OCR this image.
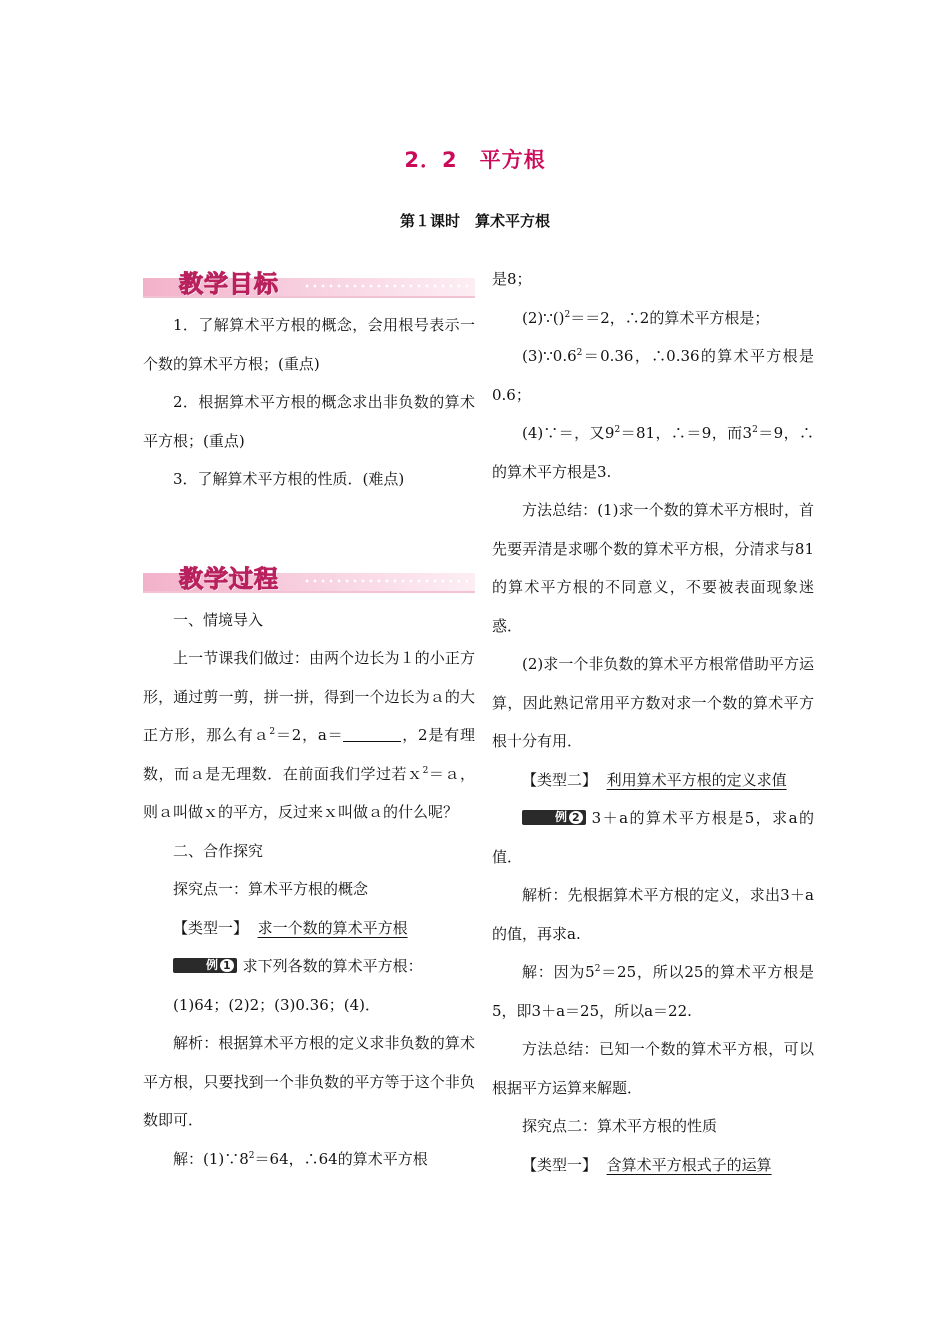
2．2　平方根
第１课时　算术平方根
教学目标

1．了解算术平方根的概念，会用根号表示一个数的算术平方根；(重点)

2．根据算术平方根的概念求出非负数的算术平方根；(重点)

3．了解算术平方根的性质．(难点)

教学过程

一、情境导入

上一节课我们做过：由两个边长为１的小正方形，通过剪一剪，拼一拼，得到一个边长为ａ的大正方形，那么有ａ$^2$＝2，a＝	，2是有理数，而ａ是无理数．在前面我们学过若ｘ$^2$＝ａ，则ａ叫做ｘ的平方，反过来ｘ叫做ａ的什么呢？

二、合作探究

探究点一：算术平方根的概念

【类型一】 求一个数的算术平方根

例 1 求下列各数的算术平方根：

(1)64；(2)2；(3)0.36；(4)．

解析：根据算术平方根的定义求非负数的算术平方根，只要找到一个非负数的平方等于这个非负数即可．

解：$(1)\because 8^2=64$，∴64的算术平方根

是8；

(2)∵()$^2$＝＝2，∴2的算术平方根是；

$(3)\because 0.6^2=0.36$，∴0.36的算术平方根是0.6；

(4)∵＝，又$9^2=81$，∴＝9，而$3^2=9$，∴的算术平方根是3.

方法总结：(1)求一个数的算术平方根时，首先要弄清是求哪个数的算术平方根，分清求与81的算术平方根的不同意义，不要被表面现象迷惑．

(2)求一个非负数的算术平方根常借助平方运算，因此熟记常用平方数对求一个数的算术平方根十分有用．

【类型二】 利用算术平方根的定义求值

例 2 3＋a的算术平方根是5，求a的值．

解析：先根据算术平方根的定义，求出3＋a的值，再求a.

解：因为$5^2=25$，所以25的算术平方根是5，即3＋a＝25，所以a＝22.

方法总结：已知一个数的算术平方根，可以根据平方运算来解题．

探究点二：算术平方根的性质

【类型一】 含算术平方根式子的运算
